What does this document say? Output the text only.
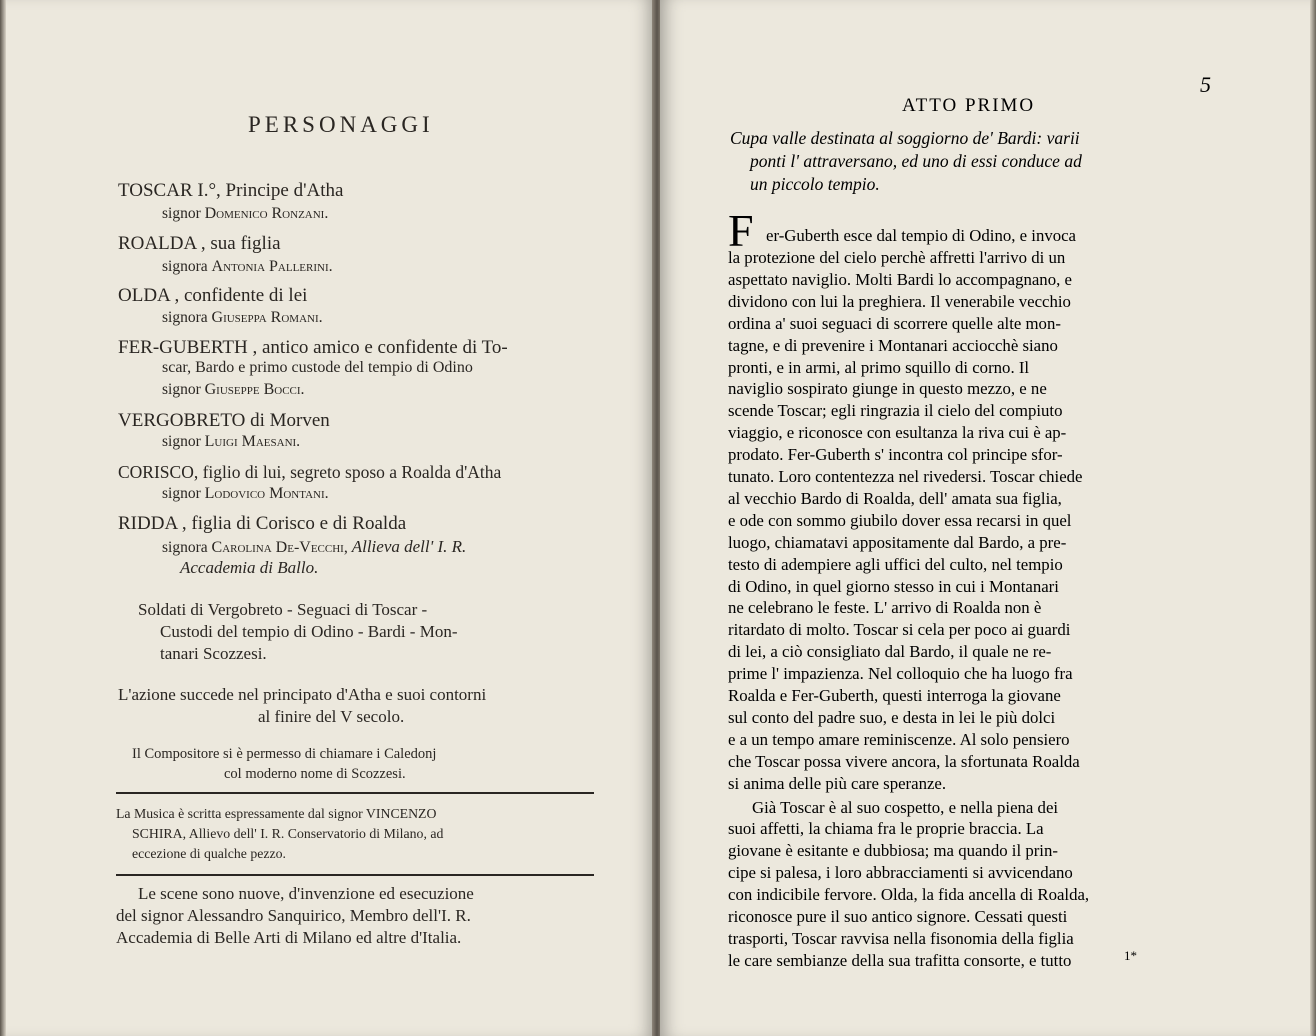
PERSONAGGI
TOSCAR I.°, Principe d'Atha
signor Domenico Ronzani.
ROALDA , sua figlia
signora Antonia Pallerini.
OLDA , confidente di lei
signora Giuseppa Romani.
FER-GUBERTH , antico amico e confidente di To-
scar, Bardo e primo custode del tempio di Odino
signor Giuseppe Bocci.
VERGOBRETO di Morven
signor Luigi Maesani.
CORISCO, figlio di lui, segreto sposo a Roalda d'Atha
signor Lodovico Montani.
RIDDA , figlia di Corisco e di Roalda
signora Carolina De-Vecchi, Allieva dell' I. R.
Accademia di Ballo.
Soldati di Vergobreto - Seguaci di Toscar -
Custodi del tempio di Odino - Bardi - Mon-
tanari Scozzesi.
L'azione succede nel principato d'Atha e suoi contorni
al finire del V secolo.
Il Compositore si è permesso di chiamare i Caledonj
col moderno nome di Scozzesi.
La Musica è scritta espressamente dal signor VINCENZO
SCHIRA, Allievo dell' I. R. Conservatorio di Milano, ad
eccezione di qualche pezzo.
Le scene sono nuove, d'invenzione ed esecuzione
del signor Alessandro Sanquirico, Membro dell'I. R.
Accademia di Belle Arti di Milano ed altre d'Italia.
5
ATTO PRIMO
Cupa valle destinata al soggiorno de' Bardi: varii
ponti l' attraversano, ed uno di essi conduce ad
un piccolo tempio.
F er-Guberth esce dal tempio di Odino, e invoca
la protezione del cielo perchè affretti l'arrivo di un
aspettato naviglio. Molti Bardi lo accompagnano, e
dividono con lui la preghiera. Il venerabile vecchio
ordina a' suoi seguaci di scorrere quelle alte mon-
tagne, e di prevenire i Montanari acciocchè siano
pronti, e in armi, al primo squillo di corno. Il
naviglio sospirato giunge in questo mezzo, e ne
scende Toscar; egli ringrazia il cielo del compiuto
viaggio, e riconosce con esultanza la riva cui è ap-
prodato. Fer-Guberth s' incontra col principe sfor-
tunato. Loro contentezza nel rivedersi. Toscar chiede
al vecchio Bardo di Roalda, dell' amata sua figlia,
e ode con sommo giubilo dover essa recarsi in quel
luogo, chiamatavi appositamente dal Bardo, a pre-
testo di adempiere agli uffici del culto, nel tempio
di Odino, in quel giorno stesso in cui i Montanari
ne celebrano le feste. L' arrivo di Roalda non è
ritardato di molto. Toscar si cela per poco ai guardi
di lei, a ciò consigliato dal Bardo, il quale ne re-
prime l' impazienza. Nel colloquio che ha luogo fra
Roalda e Fer-Guberth, questi interroga la giovane
sul conto del padre suo, e desta in lei le più dolci
e a un tempo amare reminiscenze. Al solo pensiero
che Toscar possa vivere ancora, la sfortunata Roalda
si anima delle più care speranze.
Già Toscar è al suo cospetto, e nella piena dei
suoi affetti, la chiama fra le proprie braccia. La
giovane è esitante e dubbiosa; ma quando il prin-
cipe si palesa, i loro abbracciamenti si avvicendano
con indicibile fervore. Olda, la fida ancella di Roalda,
riconosce pure il suo antico signore. Cessati questi
trasporti, Toscar ravvisa nella fisonomia della figlia
le care sembianze della sua trafitta consorte, e tutto	1*
